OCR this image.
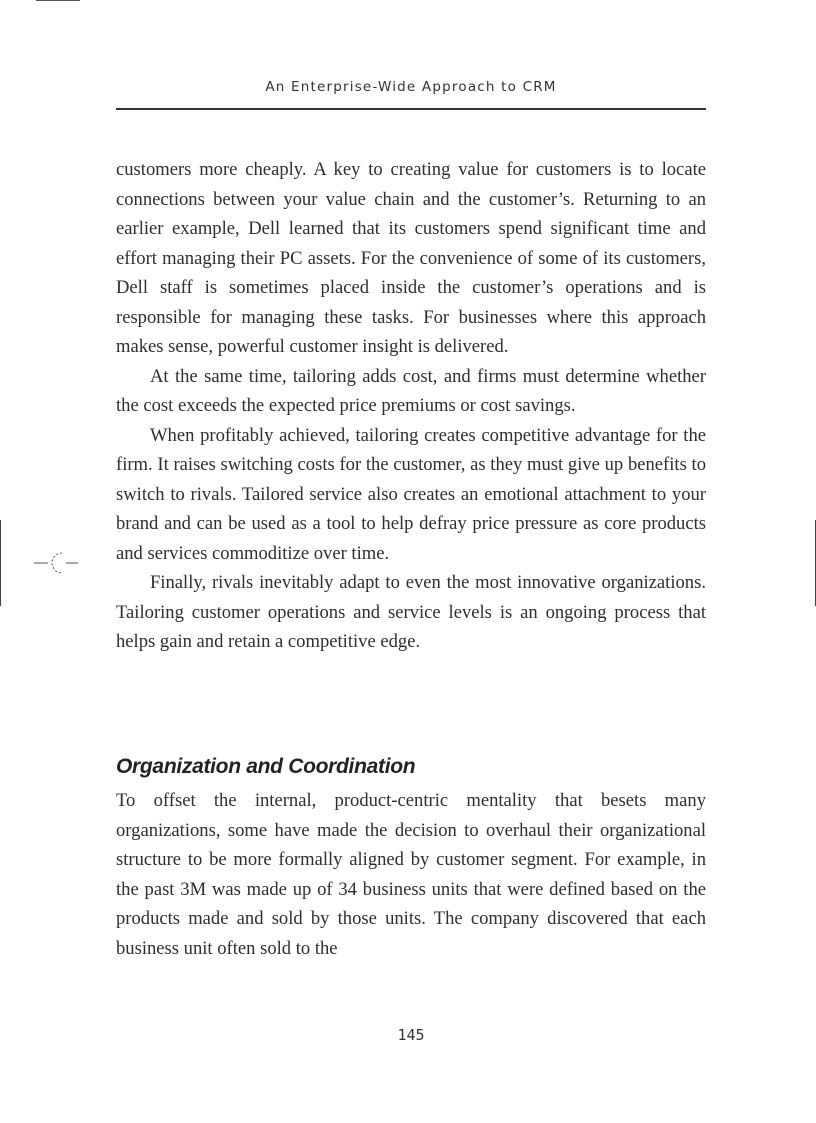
An Enterprise-Wide Approach to CRM

customers more cheaply. A key to creating value for customers is to locate connections between your value chain and the customer’s. Returning to an earlier example, Dell learned that its customers spend significant time and effort managing their PC assets. For the convenience of some of its customers, Dell staff is sometimes placed inside the customer’s operations and is responsible for managing these tasks. For businesses where this approach makes sense, powerful customer insight is delivered.

At the same time, tailoring adds cost, and firms must determine whether the cost exceeds the expected price premiums or cost savings.

When profitably achieved, tailoring creates competitive advantage for the firm. It raises switching costs for the customer, as they must give up benefits to switch to rivals. Tailored service also creates an emotional attachment to your brand and can be used as a tool to help defray price pressure as core products and services commoditize over time.

Finally, rivals inevitably adapt to even the most innovative organizations. Tailoring customer operations and service levels is an ongoing process that helps gain and retain a competitive edge.

Organization and Coordination

To offset the internal, product-centric mentality that besets many organizations, some have made the decision to overhaul their organizational structure to be more formally aligned by customer segment. For example, in the past 3M was made up of 34 business units that were defined based on the products made and sold by those units. The company discovered that each business unit often sold to the

145
